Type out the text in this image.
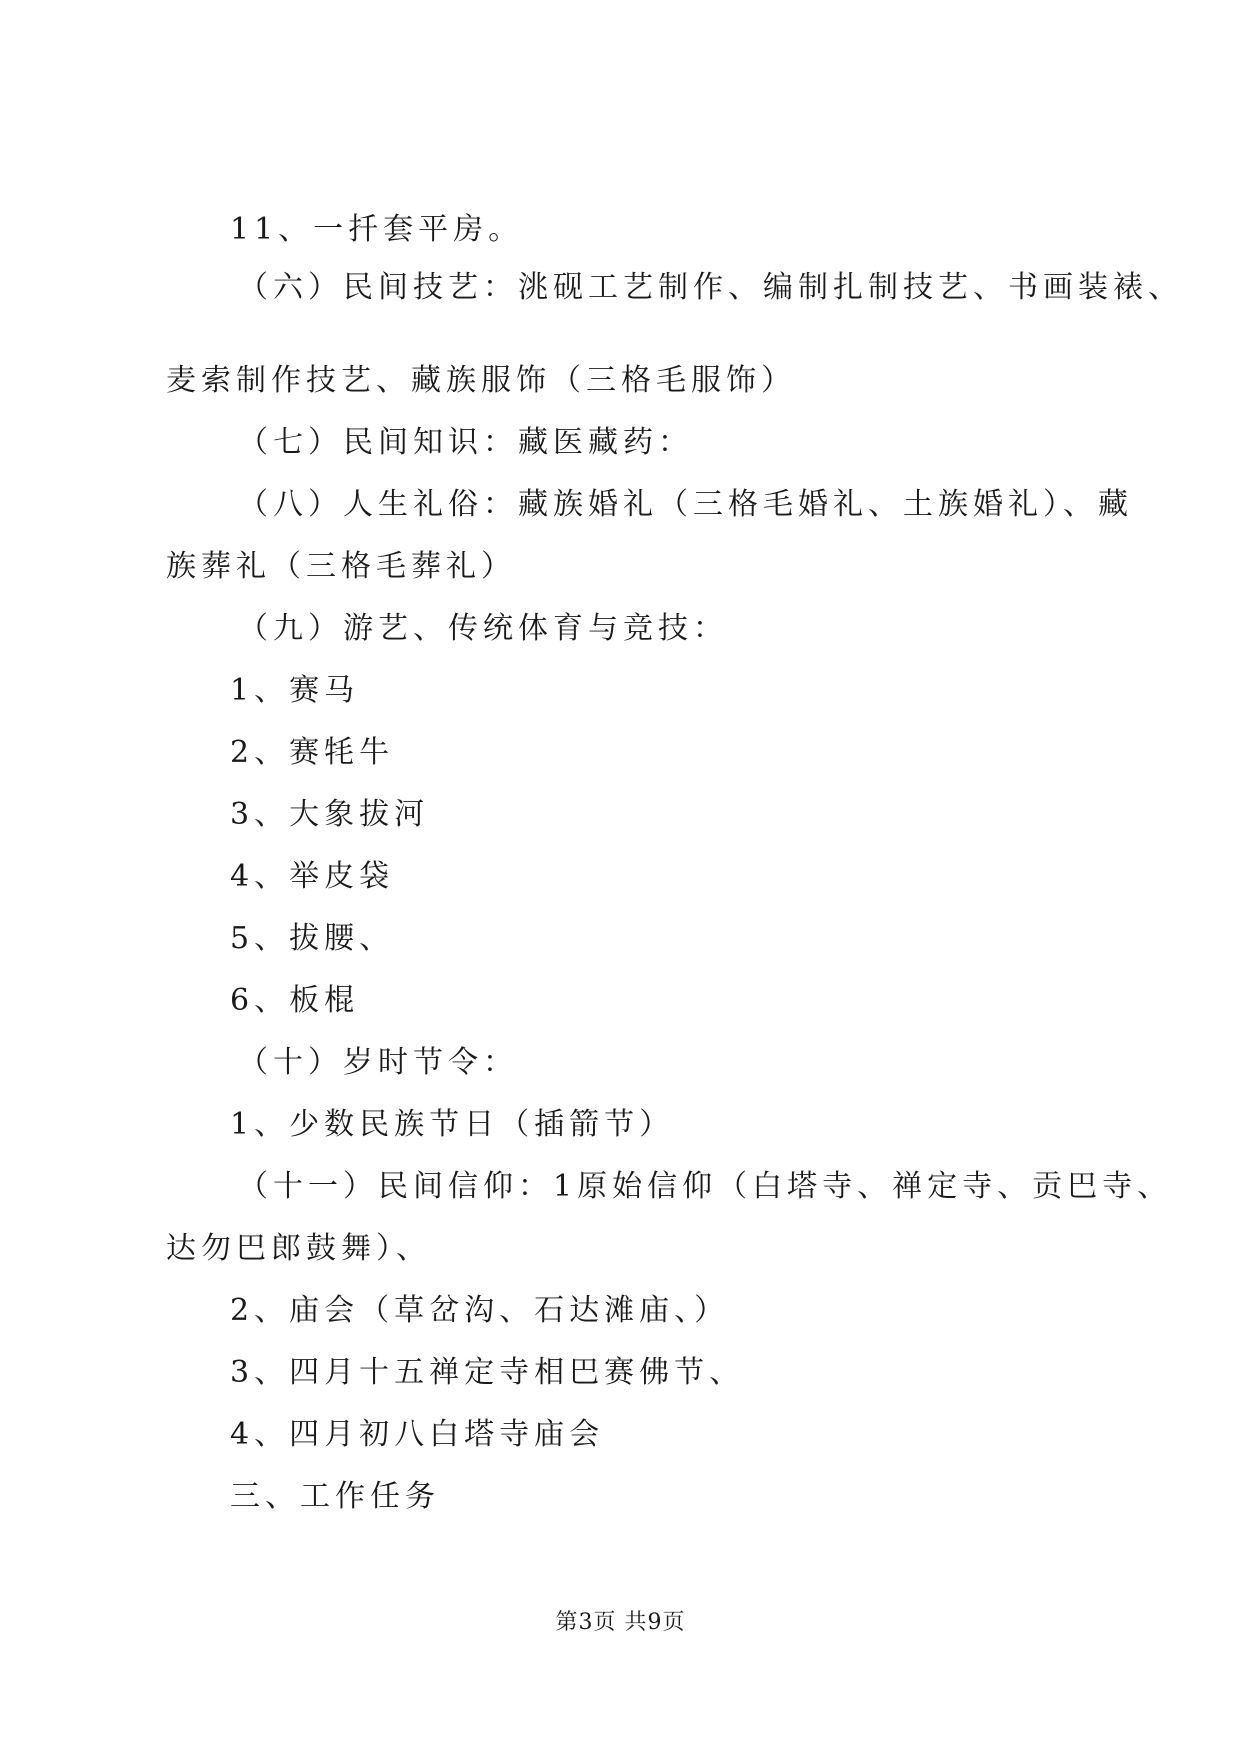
11、一扦套平房。
（六）民间技艺：洮砚工艺制作、编制扎制技艺、书画装裱、
麦索制作技艺、藏族服饰（三格毛服饰）
（七）民间知识：藏医藏药：
（八）人生礼俗：藏族婚礼（三格毛婚礼、土族婚礼）、藏
族葬礼（三格毛葬礼）
（九）游艺、传统体育与竞技：
1、赛马
2、赛牦牛
3、大象拔河
4、举皮袋
5、拔腰、
6、板棍
（十）岁时节令：
1、少数民族节日（插箭节）
（十一）民间信仰：1原始信仰（白塔寺、禅定寺、贡巴寺、
达勿巴郎鼓舞）、
2、庙会（草岔沟、石达滩庙、）
3、四月十五禅定寺相巴赛佛节、
4、四月初八白塔寺庙会
三、工作任务
第3页 共9页
